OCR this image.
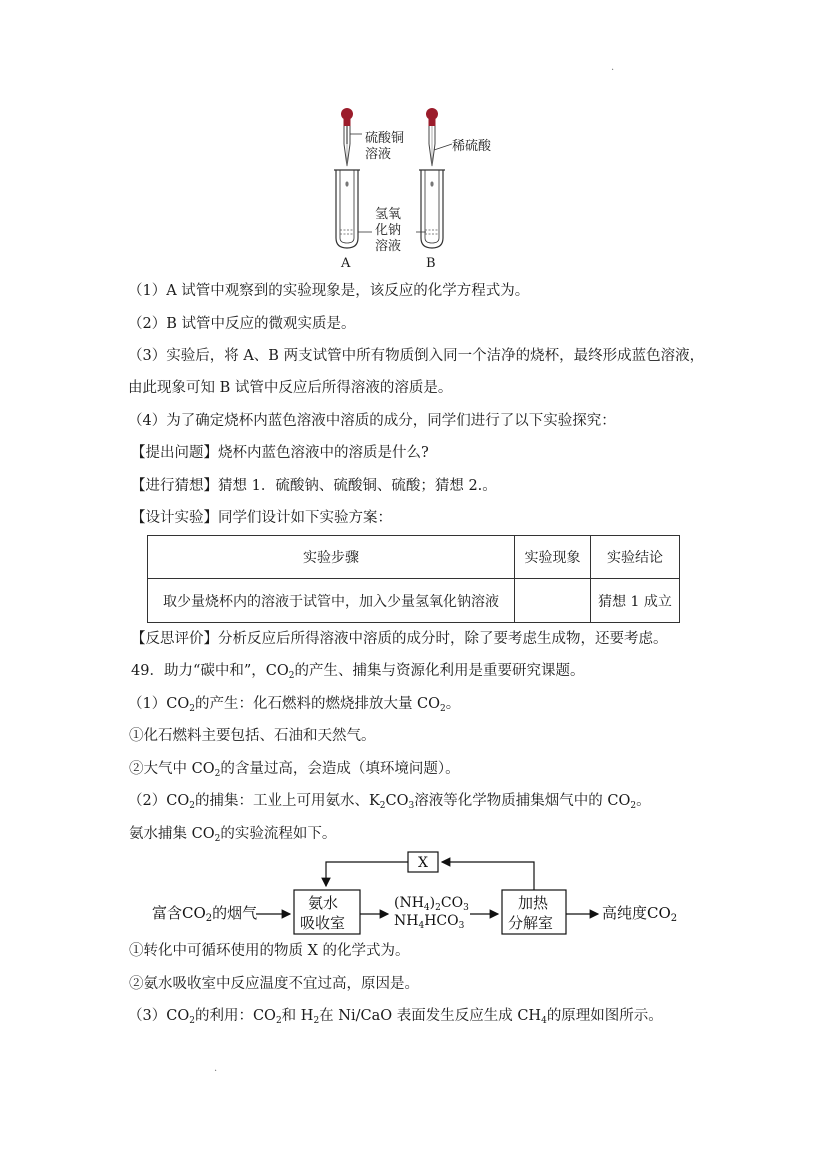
.
硫酸铜
溶液
稀硫酸
氢氧
化钠
溶液
A	B
（1）A 试管中观察到的实验现象是，该反应的化学方程式为。
（2）B 试管中反应的微观实质是。
（3）实验后，将 A、B 两支试管中所有物质倒入同一个洁净的烧杯，最终形成蓝色溶液，
由此现象可知 B 试管中反应后所得溶液的溶质是。
（4）为了确定烧杯内蓝色溶液中溶质的成分，同学们进行了以下实验探究：
【提出问题】烧杯内蓝色溶液中的溶质是什么?
【进行猜想】猜想 1．硫酸钠、硫酸铜、硫酸；猜想 2.。
【设计实验】同学们设计如下实验方案：
实验步骤	实验现象	实验结论
取少量烧杯内的溶液于试管中，加入少量氢氧化钠溶液		猜想 1 成立
【反思评价】分析反应后所得溶液中溶质的成分时，除了要考虑生成物，还要考虑。
49．助力“碳中和”，$CO_2$的产生、捕集与资源化利用是重要研究课题。
$(1)CO_2$的产生：化石燃料的燃烧排放大量 $CO_2$。
①化石燃料主要包括、石油和天然气。
②大气中 $CO_2$的含量过高，会造成（填环境问题）。
$(2)CO_2$的捕集：工业上可用氨水、$K_2CO_3$溶液等化学物质捕集烟气中的 $CO_2$。
氨水捕集 $CO_2$的实验流程如下。
富含$CO_2$的烟气
氨水
吸收室
$(NH_4)_2CO_3$
$NH_4HCO_3$
加热
分解室
高纯度$CO_2$
X
①转化中可循环使用的物质 X 的化学式为。
②氨水吸收室中反应温度不宜过高，原因是。
$(3)CO_2$的利用：$CO_2$和 $H_2$在 Ni/CaO 表面发生反应生成 $CH_4$的原理如图所示。
.
